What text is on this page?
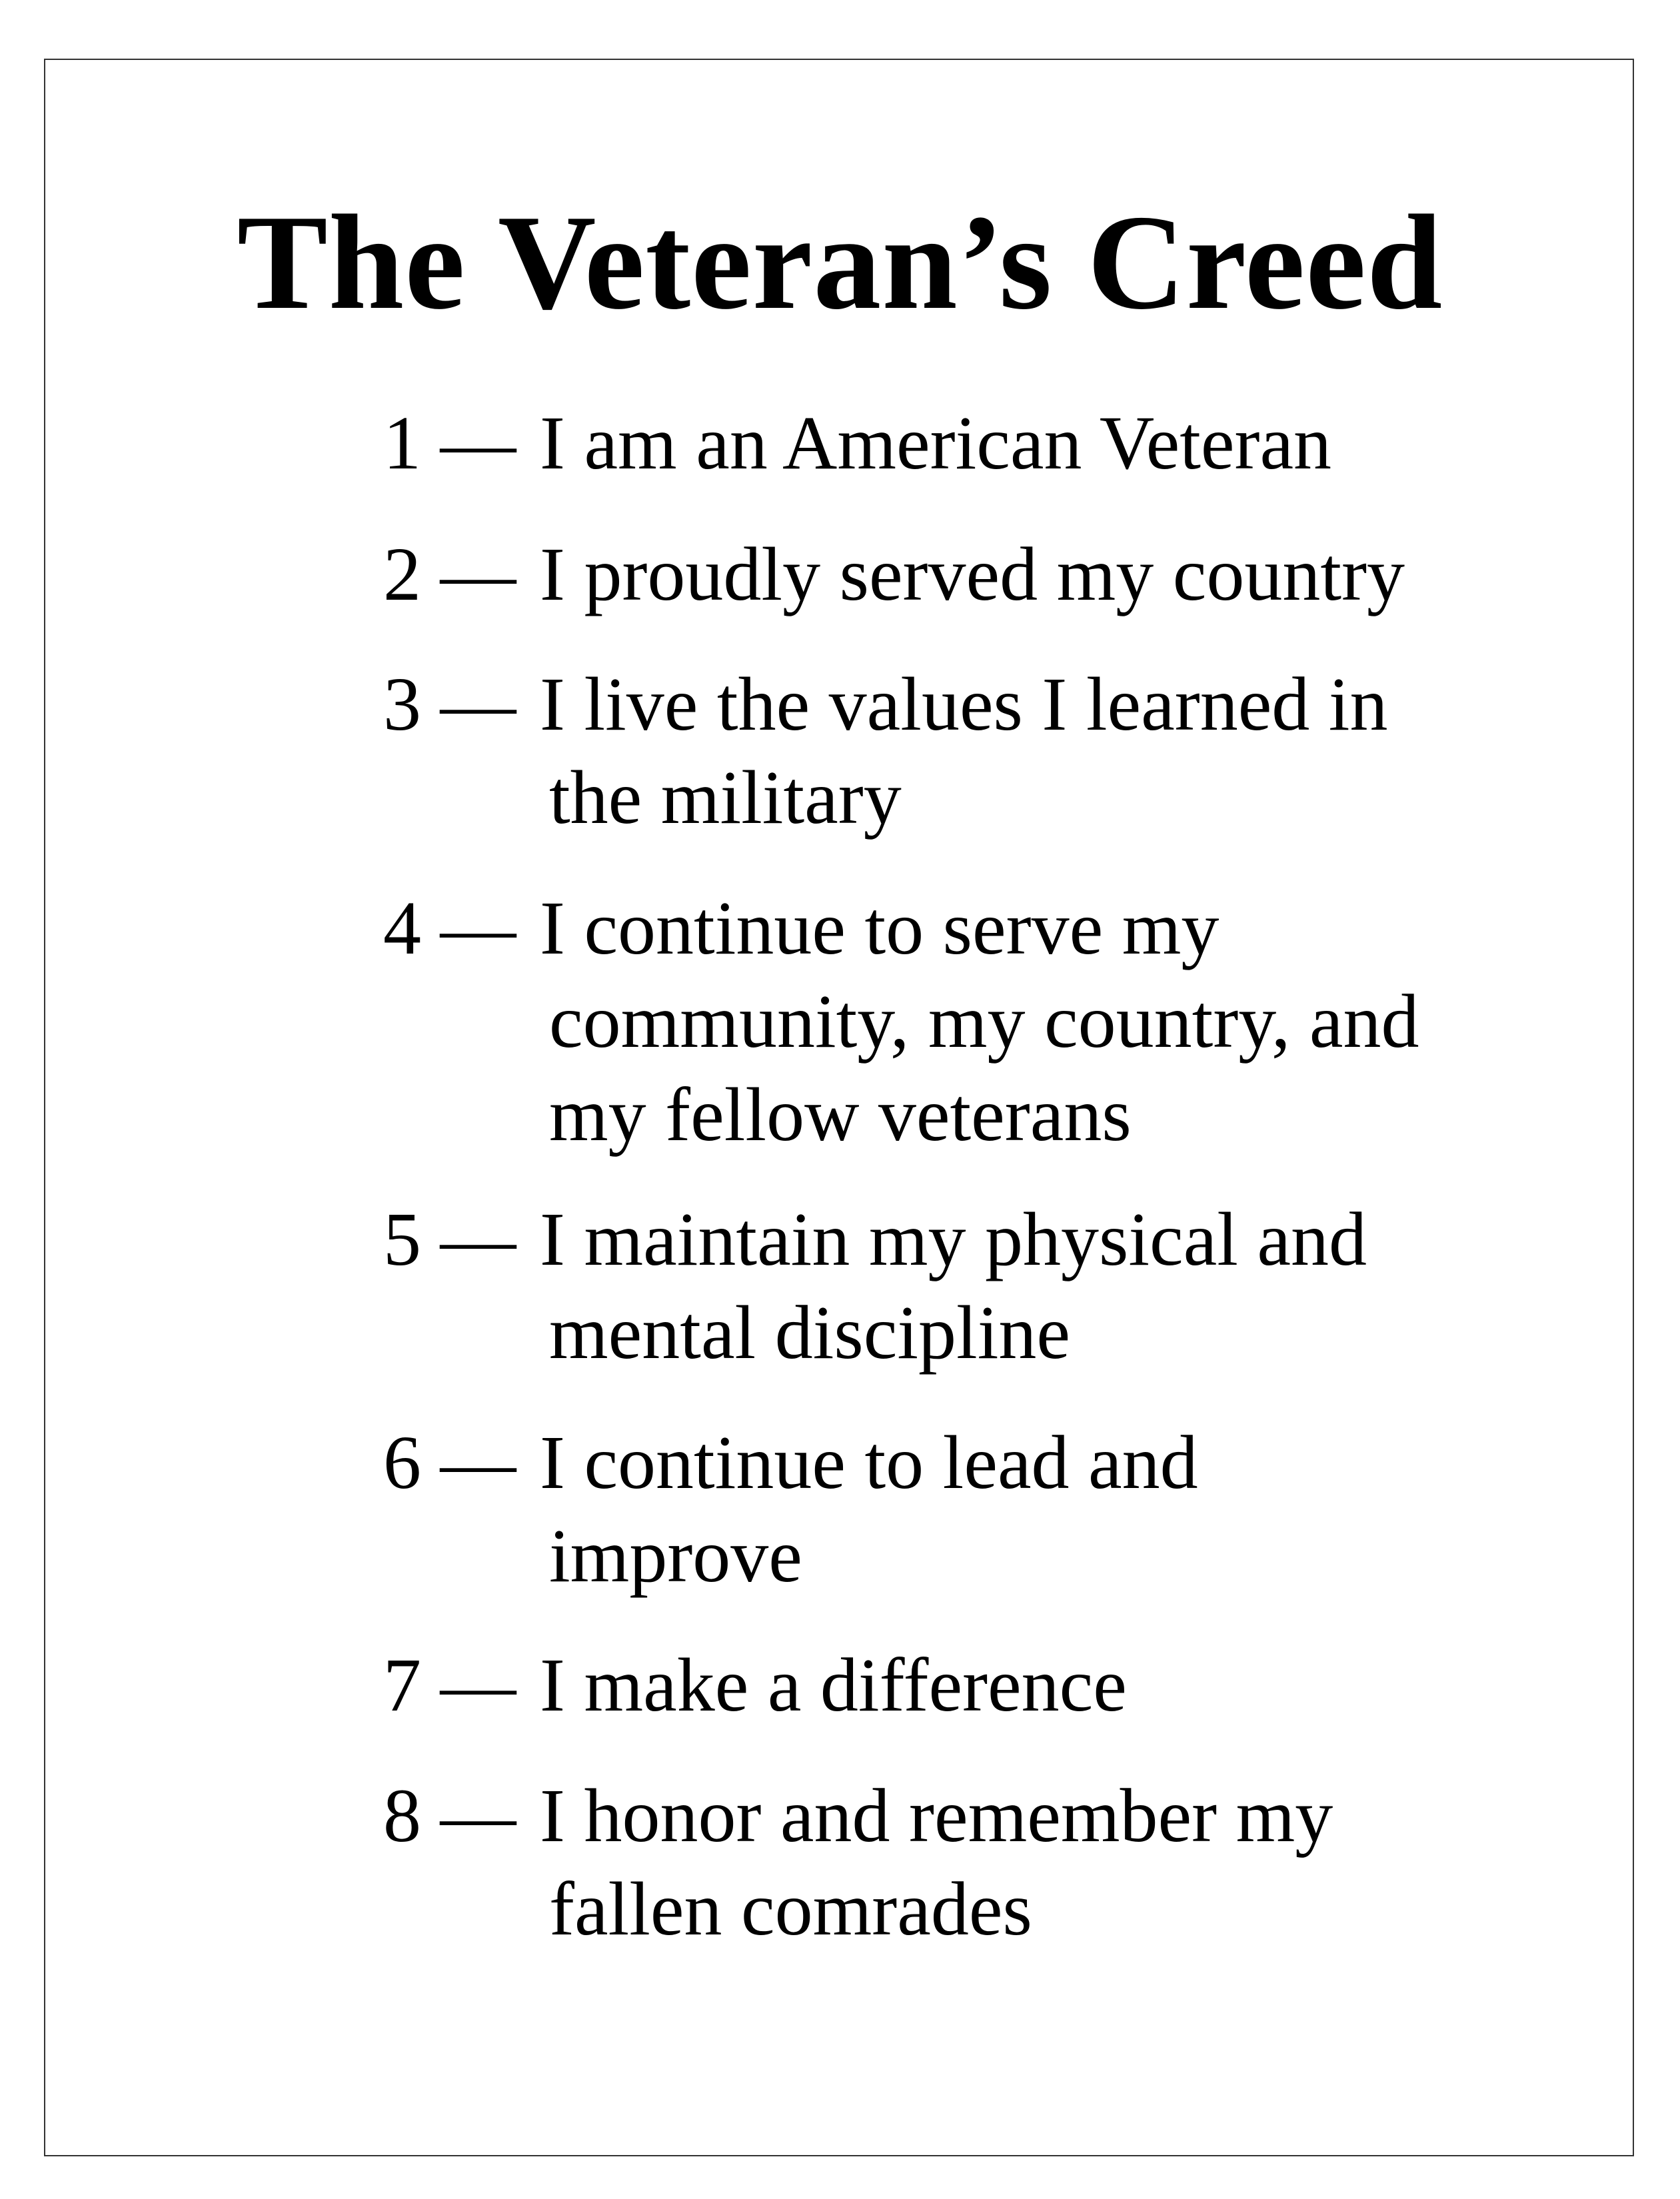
The Veteran’s Creed
1 — I am an American Veteran
2 — I proudly served my country
3 — I live the values I learned in
the military
4 — I continue to serve my
community, my country, and
my fellow veterans
5 — I maintain my physical and
mental discipline
6 — I continue to lead and
improve
7 — I make a difference
8 — I honor and remember my
fallen comrades
